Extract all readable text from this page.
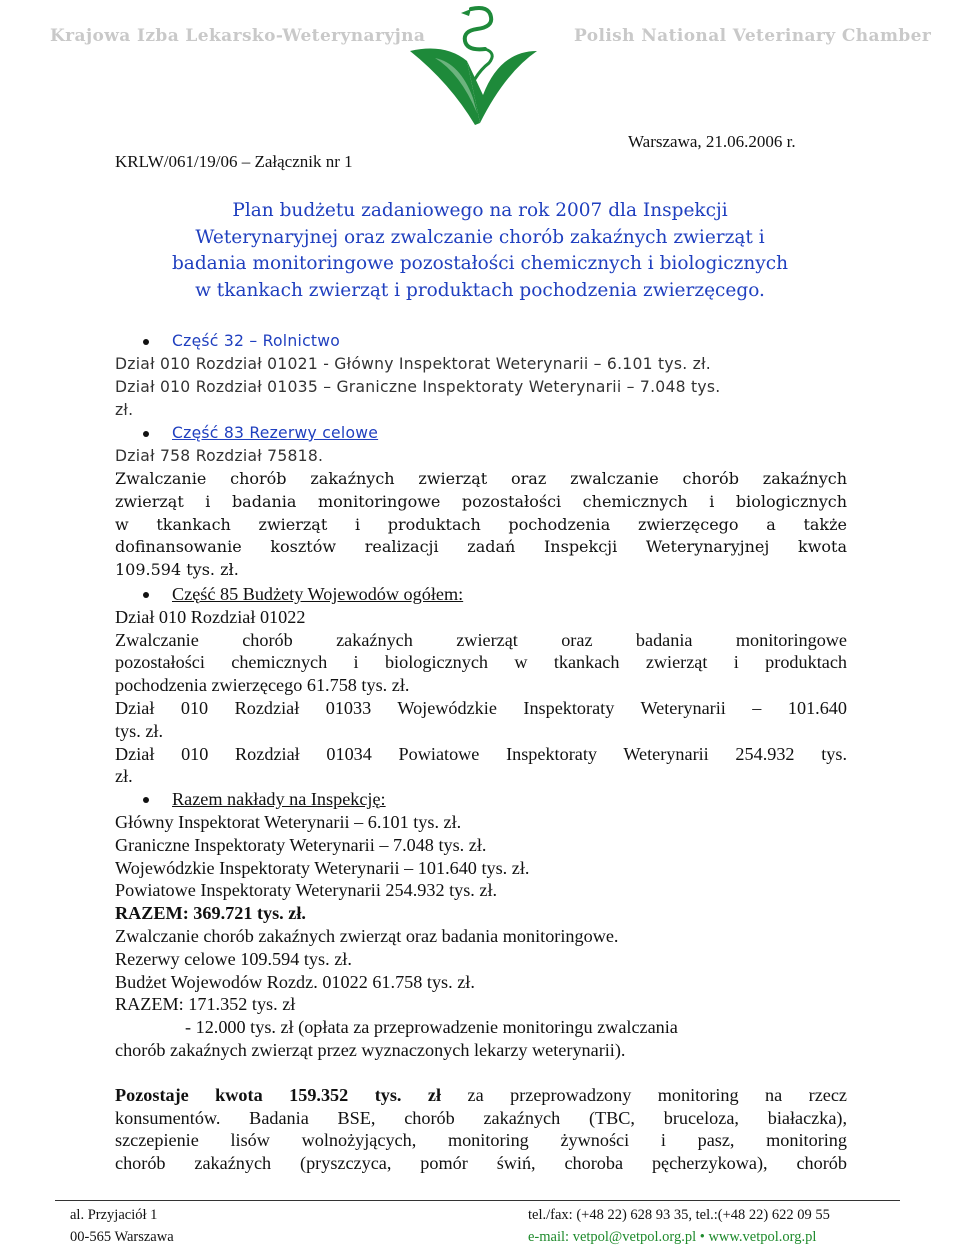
Krajowa Izba Lekarsko-Weterynaryjna	Polish National Veterinary Chamber
Warszawa, 21.06.2006 r.
KRLW/061/19/06 – Załącznik nr 1
Plan budżetu zadaniowego na rok 2007 dla Inspekcji
Weterynaryjnej oraz zwalczanie chorób zakaźnych zwierząt i
badania monitoringowe pozostałości chemicznych i biologicznych
w tkankach zwierząt i produktach pochodzenia zwierzęcego.
Część 32 – Rolnictwo
Dział 010 Rozdział 01021 - Główny Inspektorat Weterynarii – 6.101 tys. zł.
Dział 010 Rozdział 01035 – Graniczne Inspektoraty Weterynarii – 7.048 tys.
zł.
Część 83 Rezerwy celowe
Dział 758 Rozdział 75818.
Zwalczanie chorób zakaźnych zwierząt oraz zwalczanie chorób zakaźnych
zwierząt i badania monitoringowe pozostałości chemicznych i biologicznych
w tkankach zwierząt i produktach pochodzenia zwierzęcego a także
dofinansowanie kosztów realizacji zadań Inspekcji Weterynaryjnej kwota
109.594 tys. zł.
Część 85 Budżety Wojewodów ogółem:
Dział 010 Rozdział 01022
Zwalczanie chorób zakaźnych zwierząt oraz badania monitoringowe
pozostałości chemicznych i biologicznych w tkankach zwierząt i produktach
pochodzenia zwierzęcego 61.758 tys. zł.
Dział 010 Rozdział 01033 Wojewódzkie Inspektoraty Weterynarii – 101.640
tys. zł.
Dział 010 Rozdział 01034 Powiatowe Inspektoraty Weterynarii 254.932 tys.
zł.
Razem nakłady na Inspekcję:
Główny Inspektorat Weterynarii – 6.101 tys. zł.
Graniczne Inspektoraty Weterynarii – 7.048 tys. zł.
Wojewódzkie Inspektoraty Weterynarii – 101.640 tys. zł.
Powiatowe Inspektoraty Weterynarii 254.932 tys. zł.
RAZEM: 369.721 tys. zł.
Zwalczanie chorób zakaźnych zwierząt oraz badania monitoringowe.
Rezerwy celowe 109.594 tys. zł.
Budżet Wojewodów Rozdz. 01022 61.758 tys. zł.
RAZEM: 171.352 tys. zł
- 12.000 tys. zł (opłata za przeprowadzenie monitoringu zwalczania
chorób zakaźnych zwierząt przez wyznaczonych lekarzy weterynarii).
Pozostaje kwota 159.352 tys. zł za przeprowadzony monitoring na rzecz
konsumentów. Badania BSE, chorób zakaźnych (TBC, bruceloza, białaczka),
szczepienie lisów wolnożyjących, monitoring żywności i pasz, monitoring
chorób zakaźnych (pryszczyca, pomór świń, choroba pęcherzykowa), chorób
al. Przyjaciół 1
00-565 Warszawa
tel./fax: (+48 22) 628 93 35, tel.:(+48 22) 622 09 55
e-mail: vetpol@vetpol.org.pl • www.vetpol.org.pl
